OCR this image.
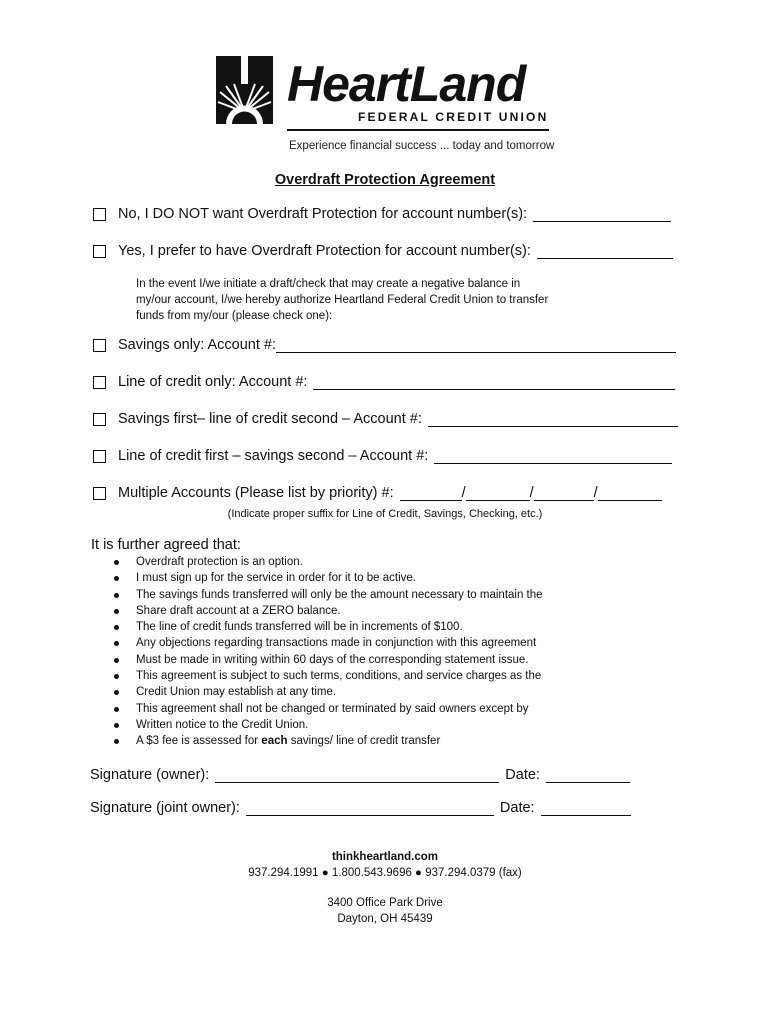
HeartLand
FEDERAL CREDIT UNION
Experience financial success ... today and tomorrow
Overdraft Protection Agreement
No, I DO NOT want Overdraft Protection for account number(s):
Yes, I prefer to have Overdraft Protection for account number(s):
In the event I/we initiate a draft/check that may create a negative balance in
my/our account, I/we hereby authorize Heartland Federal Credit Union to transfer
funds from my/our (please check one):
Savings only: Account #:
Line of credit only: Account #:
Savings first– line of credit second – Account #:
Line of credit first – savings second – Account #:
Multiple Accounts (Please list by priority) #:	/	/	/
(Indicate proper suffix for Line of Credit, Savings, Checking, etc.)
It is further agreed that:
Overdraft protection is an option.
I must sign up for the service in order for it to be active.
The savings funds transferred will only be the amount necessary to maintain the
Share draft account at a ZERO balance.
The line of credit funds transferred will be in increments of $100.
Any objections regarding transactions made in conjunction with this agreement
Must be made in writing within 60 days of the corresponding statement issue.
This agreement is subject to such terms, conditions, and service charges as the
Credit Union may establish at any time.
This agreement shall not be changed or terminated by said owners except by
Written notice to the Credit Union.
A $3 fee is assessed for each savings/ line of credit transfer
Signature (owner):	Date:
Signature (joint owner):	Date:
thinkheartland.com
937.294.1991 ● 1.800.543.9696 ● 937.294.0379 (fax)
3400 Office Park Drive
Dayton, OH 45439
